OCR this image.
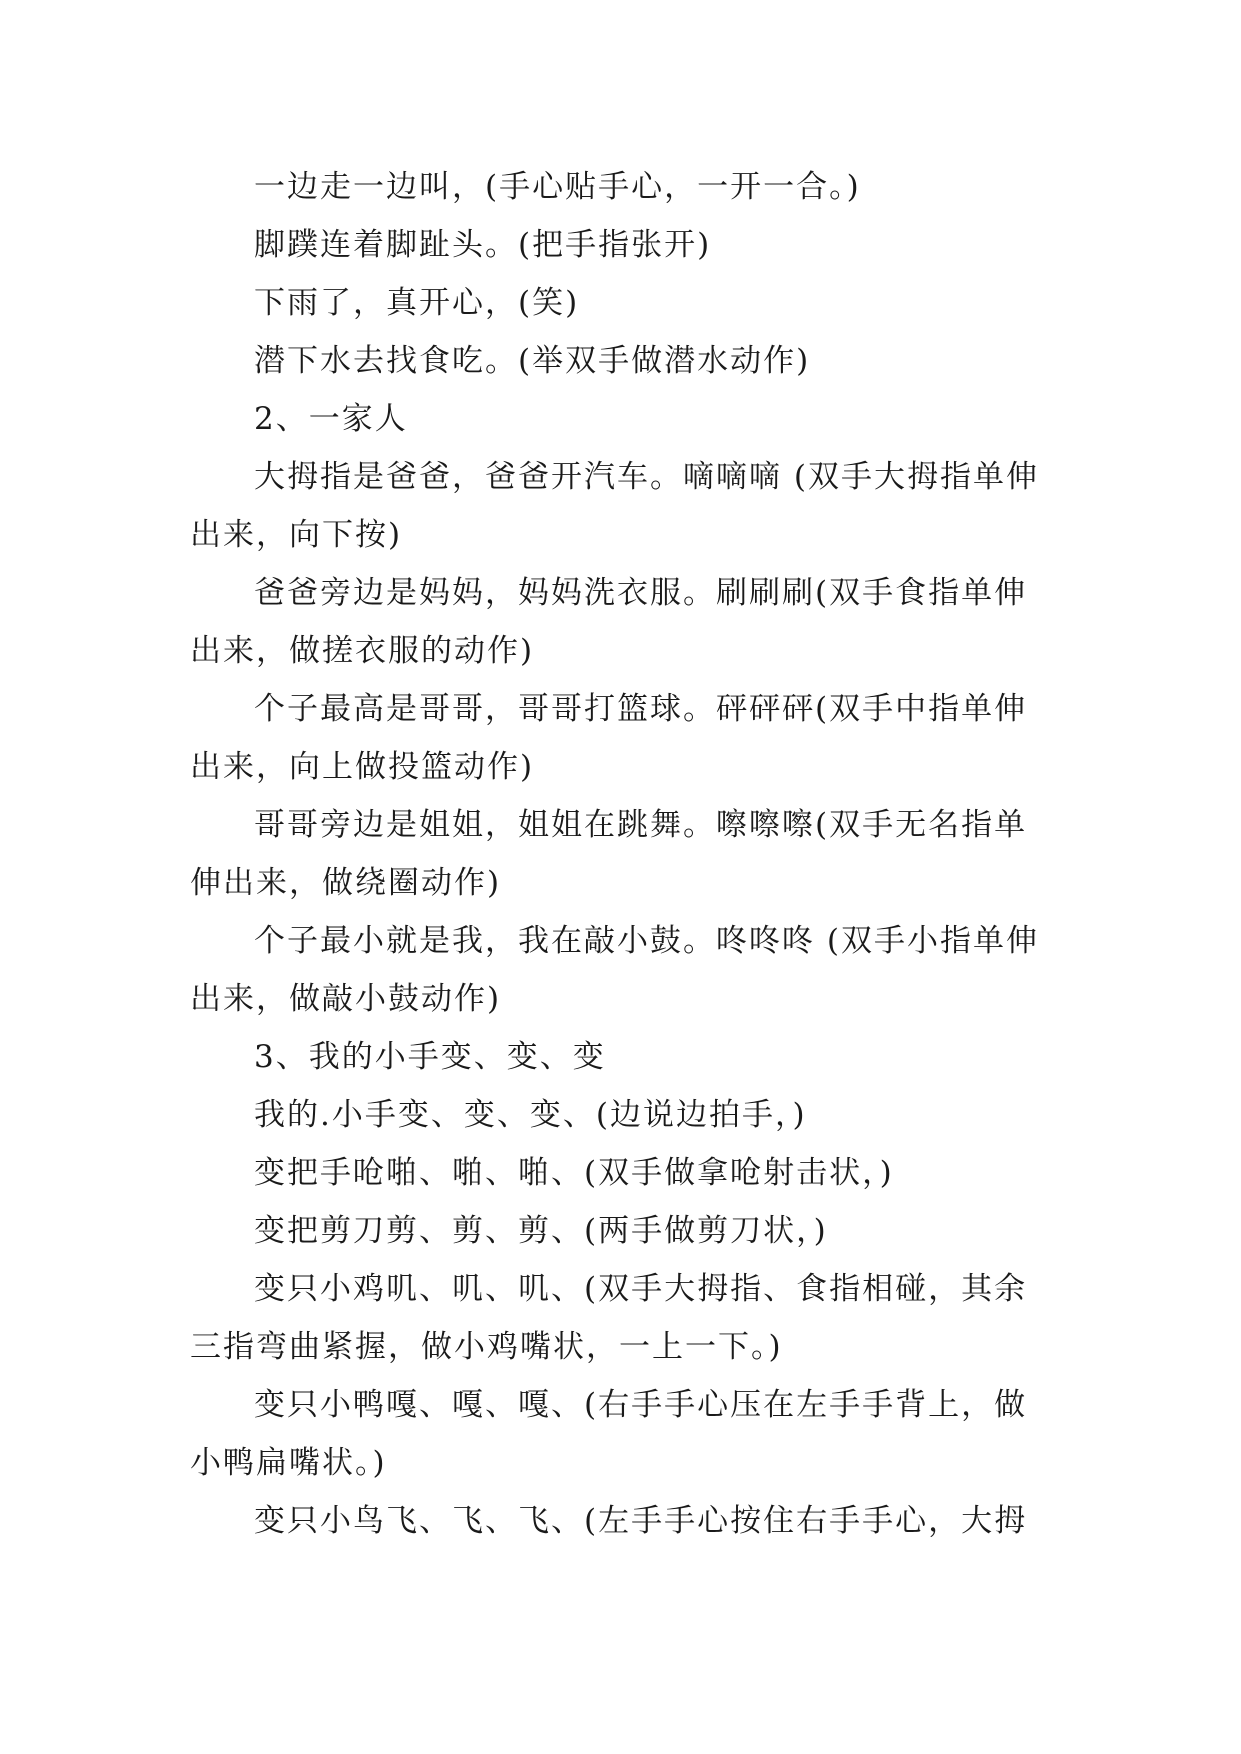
一边走一边叫，(手心贴手心，一开一合。)

脚蹼连着脚趾头。(把手指张开)

下雨了，真开心，(笑)

潜下水去找食吃。(举双手做潜水动作)

2、一家人

大拇指是爸爸，爸爸开汽车。嘀嘀嘀 (双手大拇指单伸出来，向下按)

爸爸旁边是妈妈，妈妈洗衣服。刷刷刷(双手食指单伸出来，做搓衣服的动作)

个子最高是哥哥，哥哥打篮球。砰砰砰(双手中指单伸出来，向上做投篮动作)

哥哥旁边是姐姐，姐姐在跳舞。嚓嚓嚓(双手无名指单伸出来，做绕圈动作)

个子最小就是我，我在敲小鼓。咚咚咚 (双手小指单伸出来，做敲小鼓动作)

3、我的小手变、变、变

我的.小手变、变、变、(边说边拍手，)

变把手呛啪、啪、啪、(双手做拿呛射击状，)

变把剪刀剪、剪、剪、(两手做剪刀状，)

变只小鸡叽、叽、叽、(双手大拇指、食指相碰，其余三指弯曲紧握，做小鸡嘴状，一上一下。)

变只小鸭嘎、嘎、嘎、(右手手心压在左手手背上，做小鸭扁嘴状。)

变只小鸟飞、飞、飞、(左手手心按住右手手心，大拇
